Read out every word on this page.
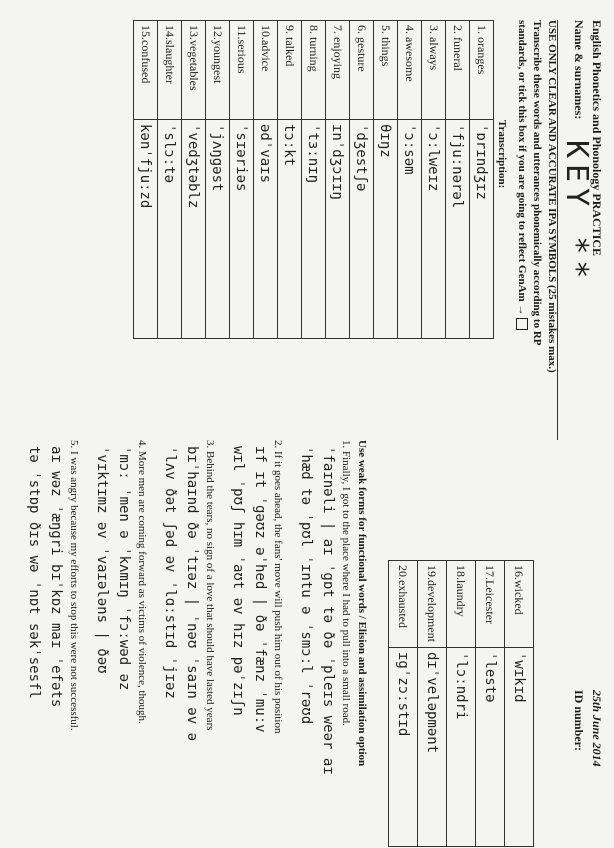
English Phonetics and Phonology PRACTICE
25th June 2014
Name & surnames:
KEY **
ID number:
USE ONLY CLEAR AND ACCURATE IPA SYMBOLS (25 mistakes max.)
Transcribe these words and utterances phonemically according to RP
standards, or tick this box if you are going to reflect GenAm →
Transcription:
1. oranges	ˈɒrɪndʒɪz
2. funeral	ˈfjuːnərəl
3. always	ˈɔːlweɪz
4. awesome	ˈɔːsəm
5. things	θɪŋz
6. gesture	ˈdʒestʃə
7. enjoying	ɪnˈdʒɔɪɪŋ
8. turning	ˈtɜːnɪŋ
9. talked	tɔːkt
10.advice	ədˈvaɪs
11.serious	ˈsɪəriəs
12.youngest	ˈjʌŋgəst
13.vegetables	ˈvedʒtəblz
14.slaughter	ˈslɔːtə
15.confused	kənˈfjuːzd
16.wicked	ˈwɪkɪd
17.Leicester	ˈlestə
18.laundry	ˈlɔːndri
19.development	dɪˈveləpmənt
20.exhausted	ɪgˈzɔːstɪd
Use weak forms for functional words / Elision and assimilation option
1. Finally, I got to the place where I had to pull into a small road.
ˈfaɪnəli | aɪ ˈgɒt tə ðə ˈpleɪs weər aɪ
ˈhæd tə ˈpʊl ˈɪntu ə ˈsmɔːl ˈrəʊd
2. If it goes ahead, the fans' move will push him out of his position
ɪf ɪt ˈgəʊz əˈhed | ðə ˈfænz ˈmuːv
wɪl ˈpʊʃ hɪm ˈaʊt əv hɪz pəˈzɪʃn
3. Behind the tears, no sign of a love that should have lasted years
bɪˈhaɪnd ðə ˈtɪəz | ˈnəʊ ˈsaɪn əv ə
ˈlʌv ðət ʃəd əv ˈlɑːstɪd ˈjɪəz
4. More men are coming forward as victims of violence, though.
ˈmɔː ˈmen ə ˈkʌmɪŋ ˈfɔːwəd əz
ˈvɪktɪmz əv ˈvaɪələns | ðəʊ
5. I was angry because my efforts to stop this were not successful.
aɪ wəz ˈæŋgri bɪˈkɒz maɪ ˈefəts
tə ˈstɒp ðɪs wə ˈnɒt səkˈsesfl
